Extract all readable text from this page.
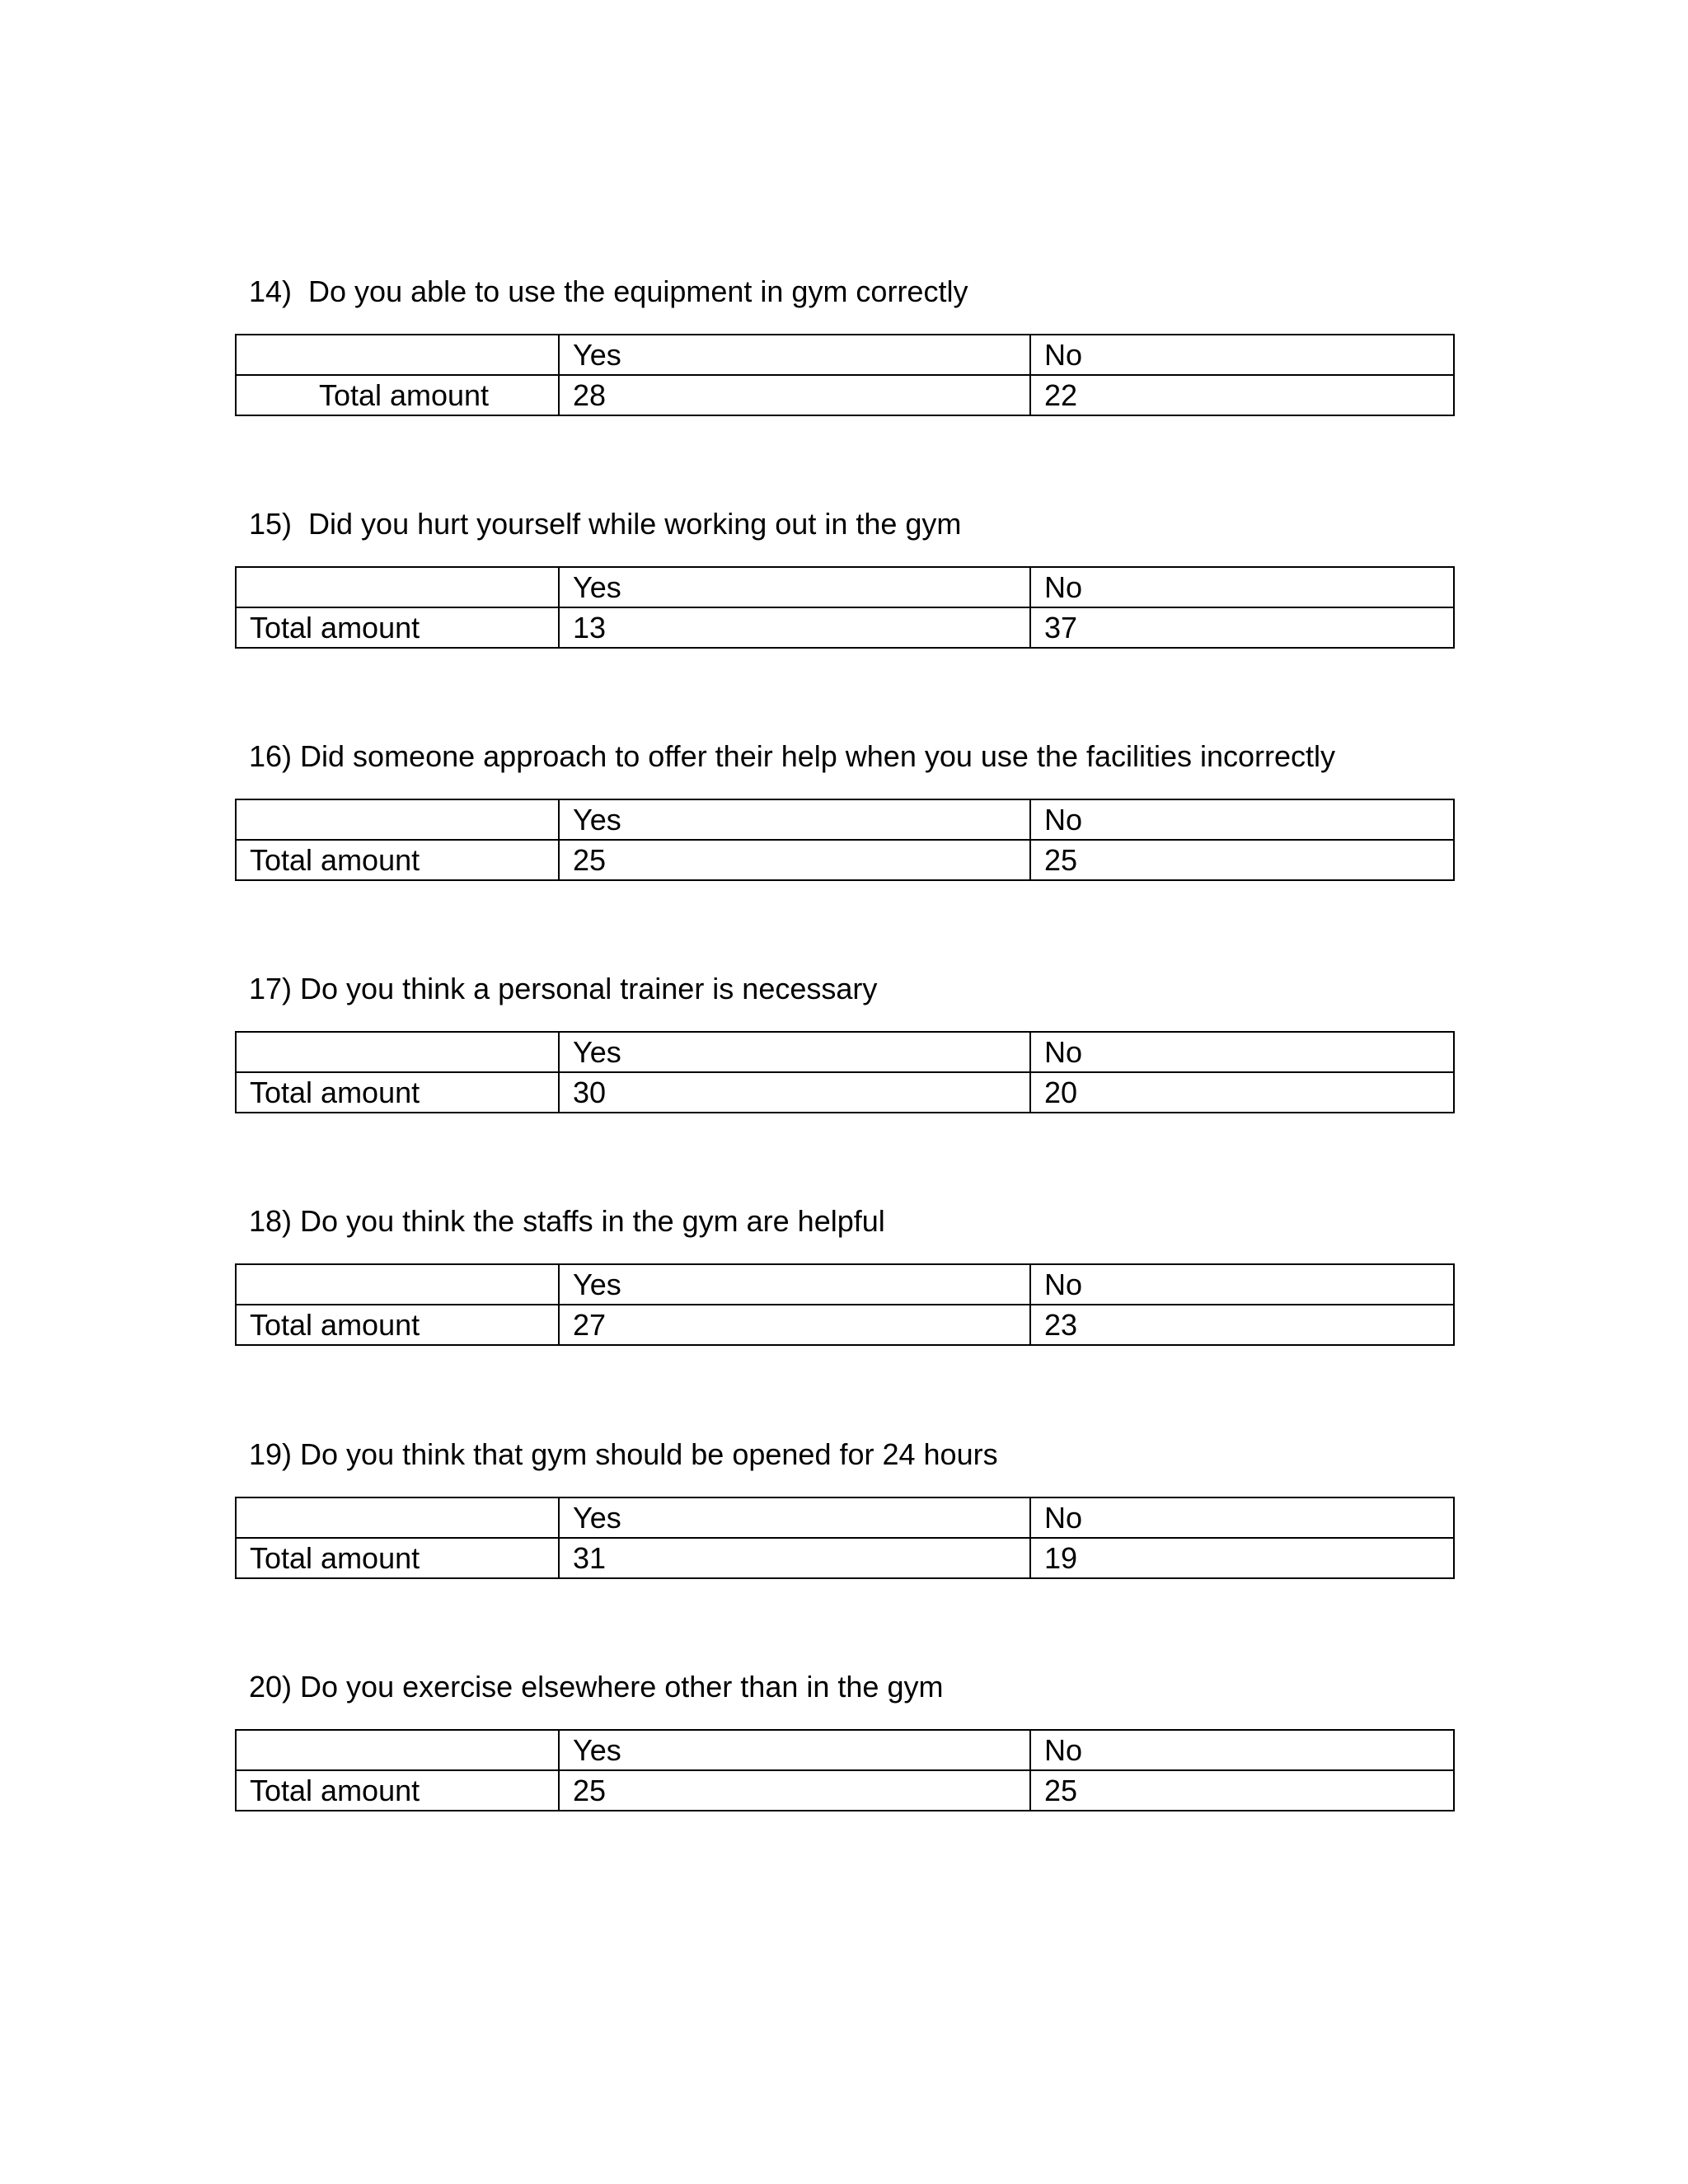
14) Do you able to use the equipment in gym correctly
	Yes	No
Total amount	28	22
15) Did you hurt yourself while working out in the gym
	Yes	No
Total amount	13	37
16) Did someone approach to offer their help when you use the facilities incorrectly
	Yes	No
Total amount	25	25
17) Do you think a personal trainer is necessary
	Yes	No
Total amount	30	20
18) Do you think the staffs in the gym are helpful
	Yes	No
Total amount	27	23
19) Do you think that gym should be opened for 24 hours
	Yes	No
Total amount	31	19
20) Do you exercise elsewhere other than in the gym
	Yes	No
Total amount	25	25
